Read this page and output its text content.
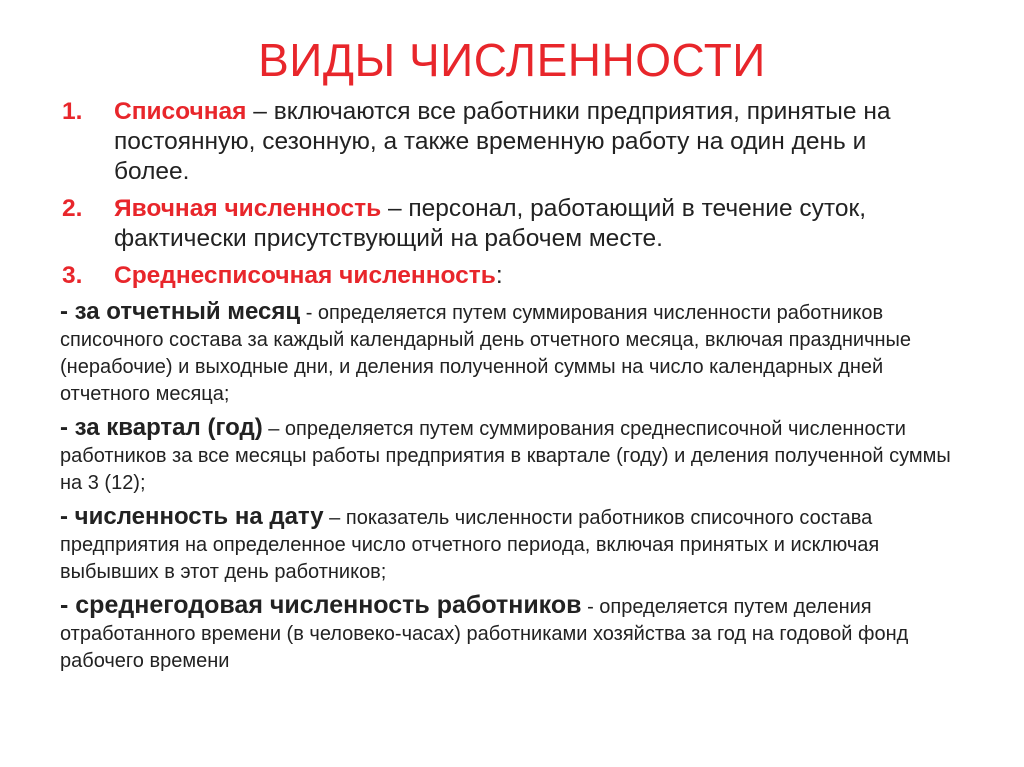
ВИДЫ ЧИСЛЕННОСТИ
1. Списочная – включаются все работники предприятия, принятые на постоянную, сезонную, а также временную работу на один день и более.
2. Явочная численность – персонал, работающий в течение суток, фактически присутствующий на рабочем месте.
3. Среднесписочная численность:
- за отчетный месяц - определяется путем суммирования численности работников списочного состава за каждый календарный день отчетного месяца, включая праздничные (нерабочие) и выходные дни, и деления полученной суммы на число календарных дней отчетного месяца;
- за квартал (год) – определяется путем суммирования среднесписочной численности работников за все месяцы работы предприятия в квартале (году) и деления полученной суммы на 3 (12);
- численность на дату – показатель численности работников списочного состава предприятия на определенное число отчетного периода, включая принятых и исключая выбывших в этот день работников;
- среднегодовая численность работников - определяется путем деления отработанного времени (в человеко-часах) работниками хозяйства за год на годовой фонд рабочего времени
